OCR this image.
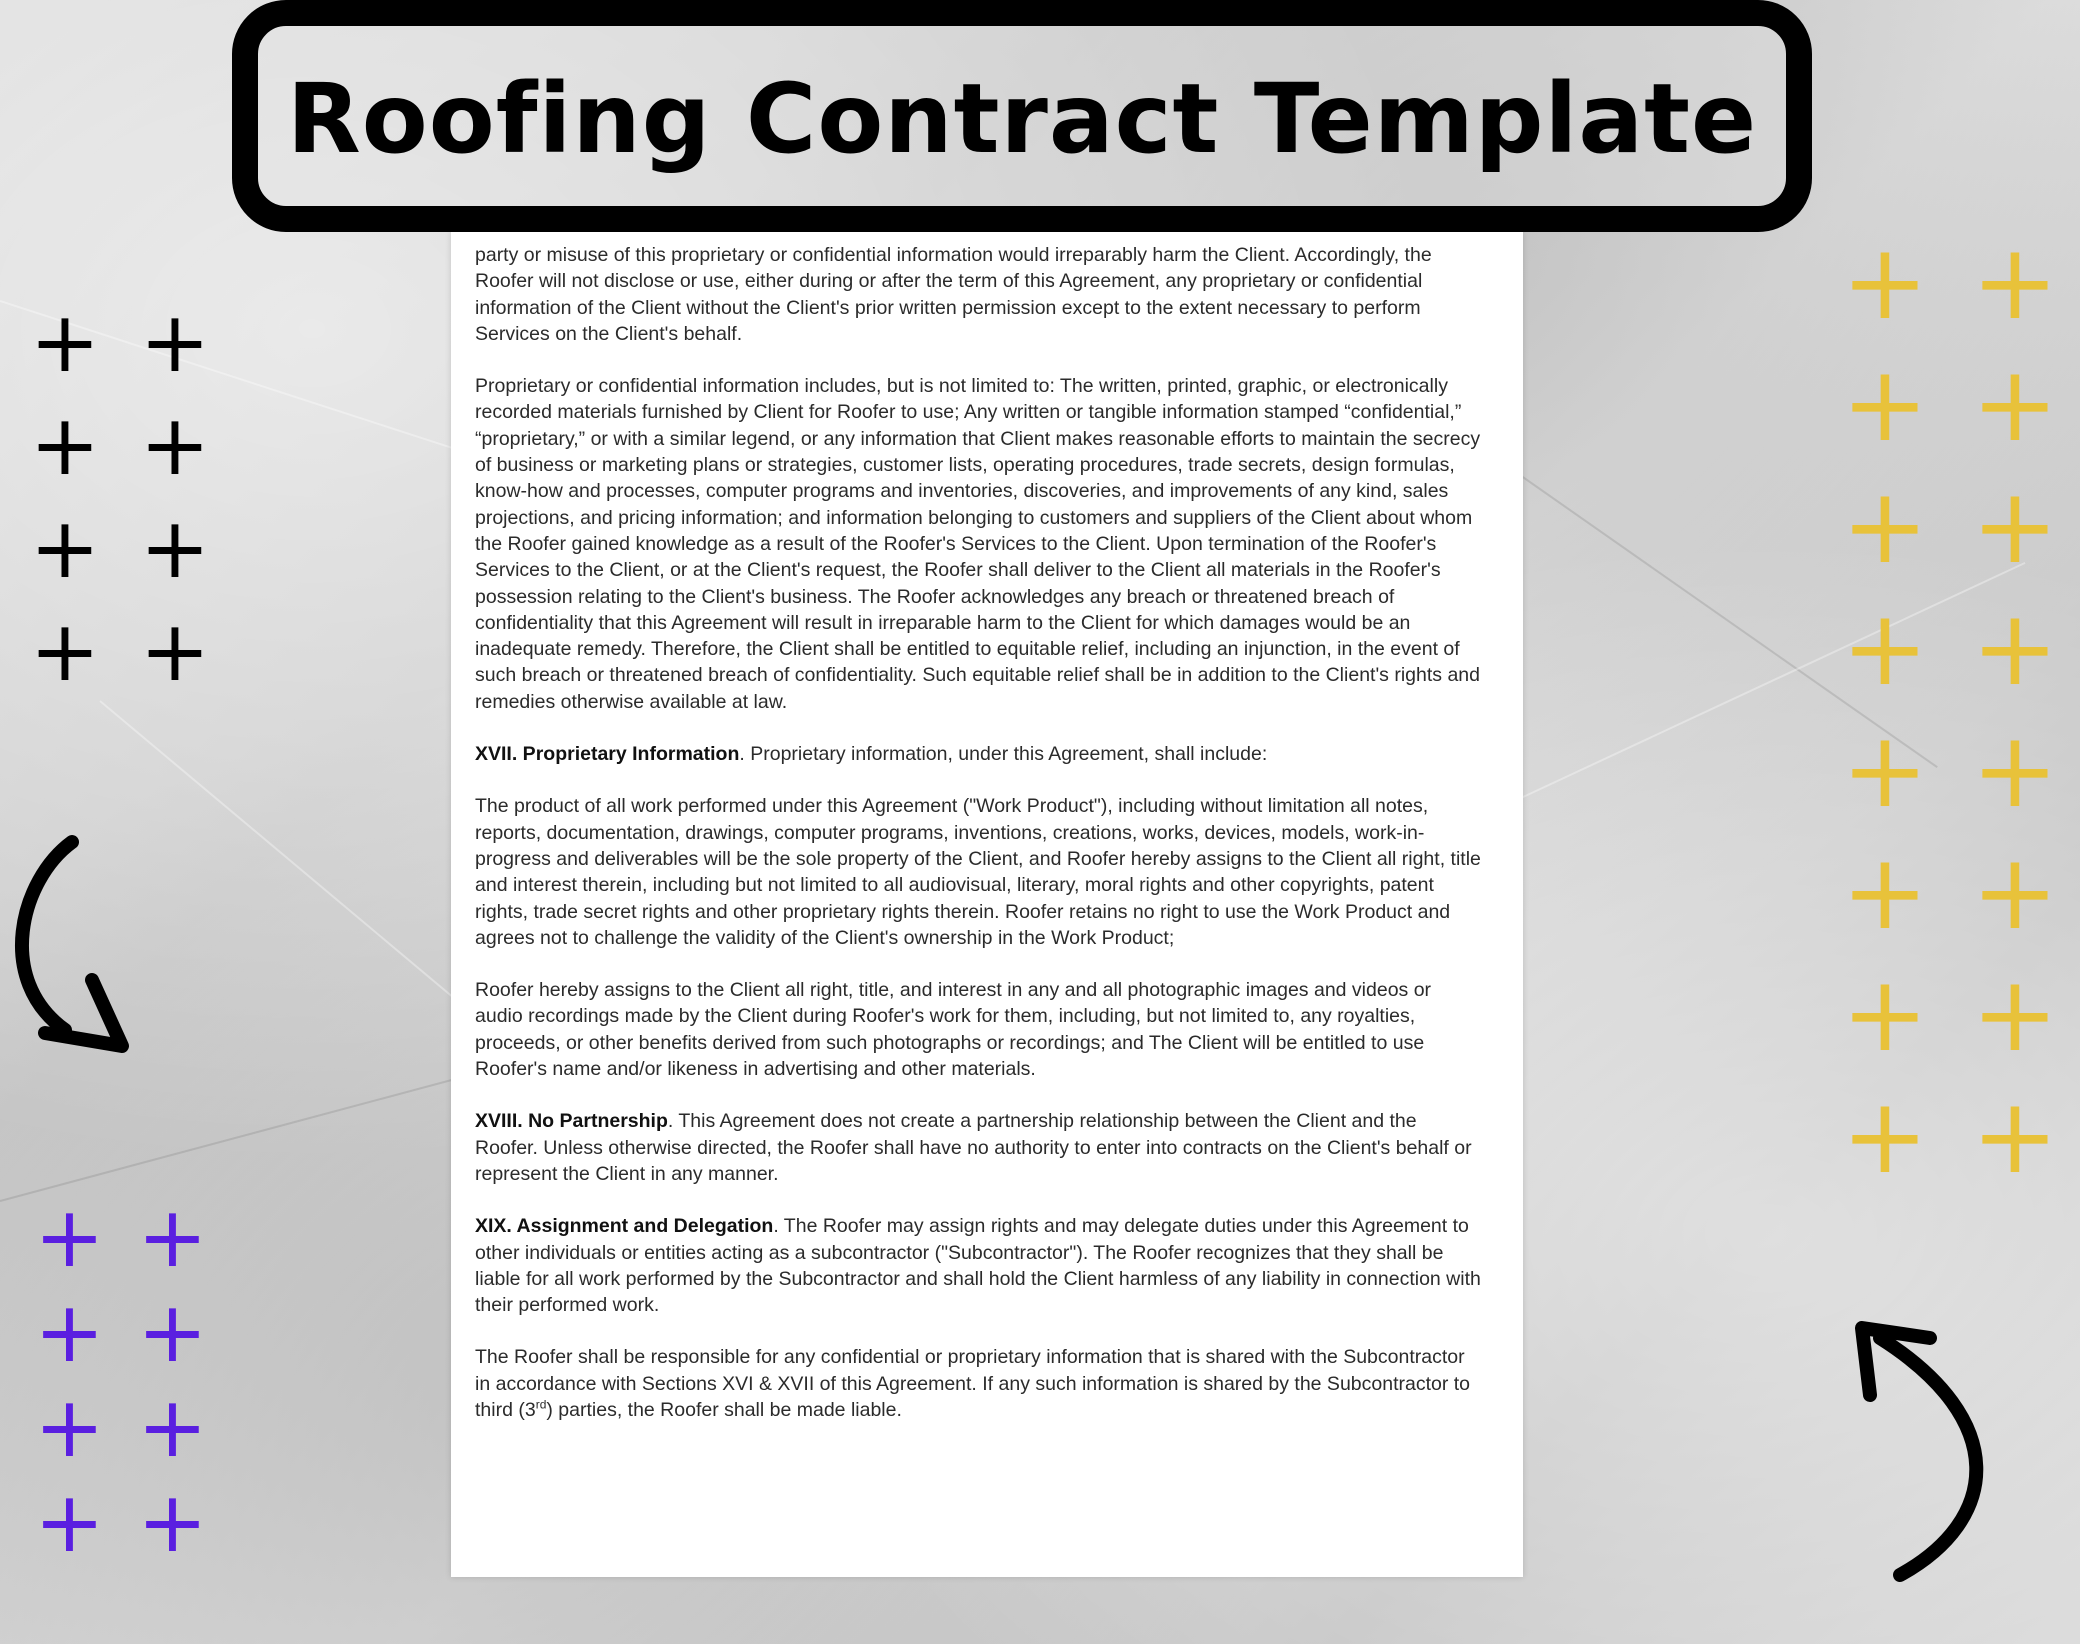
Roofing Contract Template
+ +
+ +
+ +
+ +
+ +
+ +
+ +
+ +
+ +
+ +
+ +
+ +
+ +
+ +
+ +
+ +

party or misuse of this proprietary or confidential information would irreparably harm the Client. Accordingly, the Roofer will not disclose or use, either during or after the term of this Agreement, any proprietary or confidential information of the Client without the Client's prior written permission except to the extent necessary to perform Services on the Client's behalf.

Proprietary or confidential information includes, but is not limited to: The written, printed, graphic, or electronically recorded materials furnished by Client for Roofer to use; Any written or tangible information stamped “confidential,” “proprietary,” or with a similar legend, or any information that Client makes reasonable efforts to maintain the secrecy of business or marketing plans or strategies, customer lists, operating procedures, trade secrets, design formulas, know-how and processes, computer programs and inventories, discoveries, and improvements of any kind, sales projections, and pricing information; and information belonging to customers and suppliers of the Client about whom the Roofer gained knowledge as a result of the Roofer's Services to the Client. Upon termination of the Roofer's Services to the Client, or at the Client's request, the Roofer shall deliver to the Client all materials in the Roofer's possession relating to the Client's business. The Roofer acknowledges any breach or threatened breach of confidentiality that this Agreement will result in irreparable harm to the Client for which damages would be an inadequate remedy. Therefore, the Client shall be entitled to equitable relief, including an injunction, in the event of such breach or threatened breach of confidentiality. Such equitable relief shall be in addition to the Client's rights and remedies otherwise available at law.

XVII. Proprietary Information. Proprietary information, under this Agreement, shall include:

The product of all work performed under this Agreement ("Work Product"), including without limitation all notes, reports, documentation, drawings, computer programs, inventions, creations, works, devices, models, work-in-progress and deliverables will be the sole property of the Client, and Roofer hereby assigns to the Client all right, title and interest therein, including but not limited to all audiovisual, literary, moral rights and other copyrights, patent rights, trade secret rights and other proprietary rights therein. Roofer retains no right to use the Work Product and agrees not to challenge the validity of the Client's ownership in the Work Product;

Roofer hereby assigns to the Client all right, title, and interest in any and all photographic images and videos or audio recordings made by the Client during Roofer's work for them, including, but not limited to, any royalties, proceeds, or other benefits derived from such photographs or recordings; and The Client will be entitled to use Roofer's name and/or likeness in advertising and other materials.

XVIII. No Partnership. This Agreement does not create a partnership relationship between the Client and the Roofer. Unless otherwise directed, the Roofer shall have no authority to enter into contracts on the Client's behalf or represent the Client in any manner.

XIX. Assignment and Delegation. The Roofer may assign rights and may delegate duties under this Agreement to other individuals or entities acting as a subcontractor ("Subcontractor"). The Roofer recognizes that they shall be liable for all work performed by the Subcontractor and shall hold the Client harmless of any liability in connection with their performed work.

The Roofer shall be responsible for any confidential or proprietary information that is shared with the Subcontractor in accordance with Sections XVI & XVII of this Agreement. If any such information is shared by the Subcontractor to third (3rd) parties, the Roofer shall be made liable.
